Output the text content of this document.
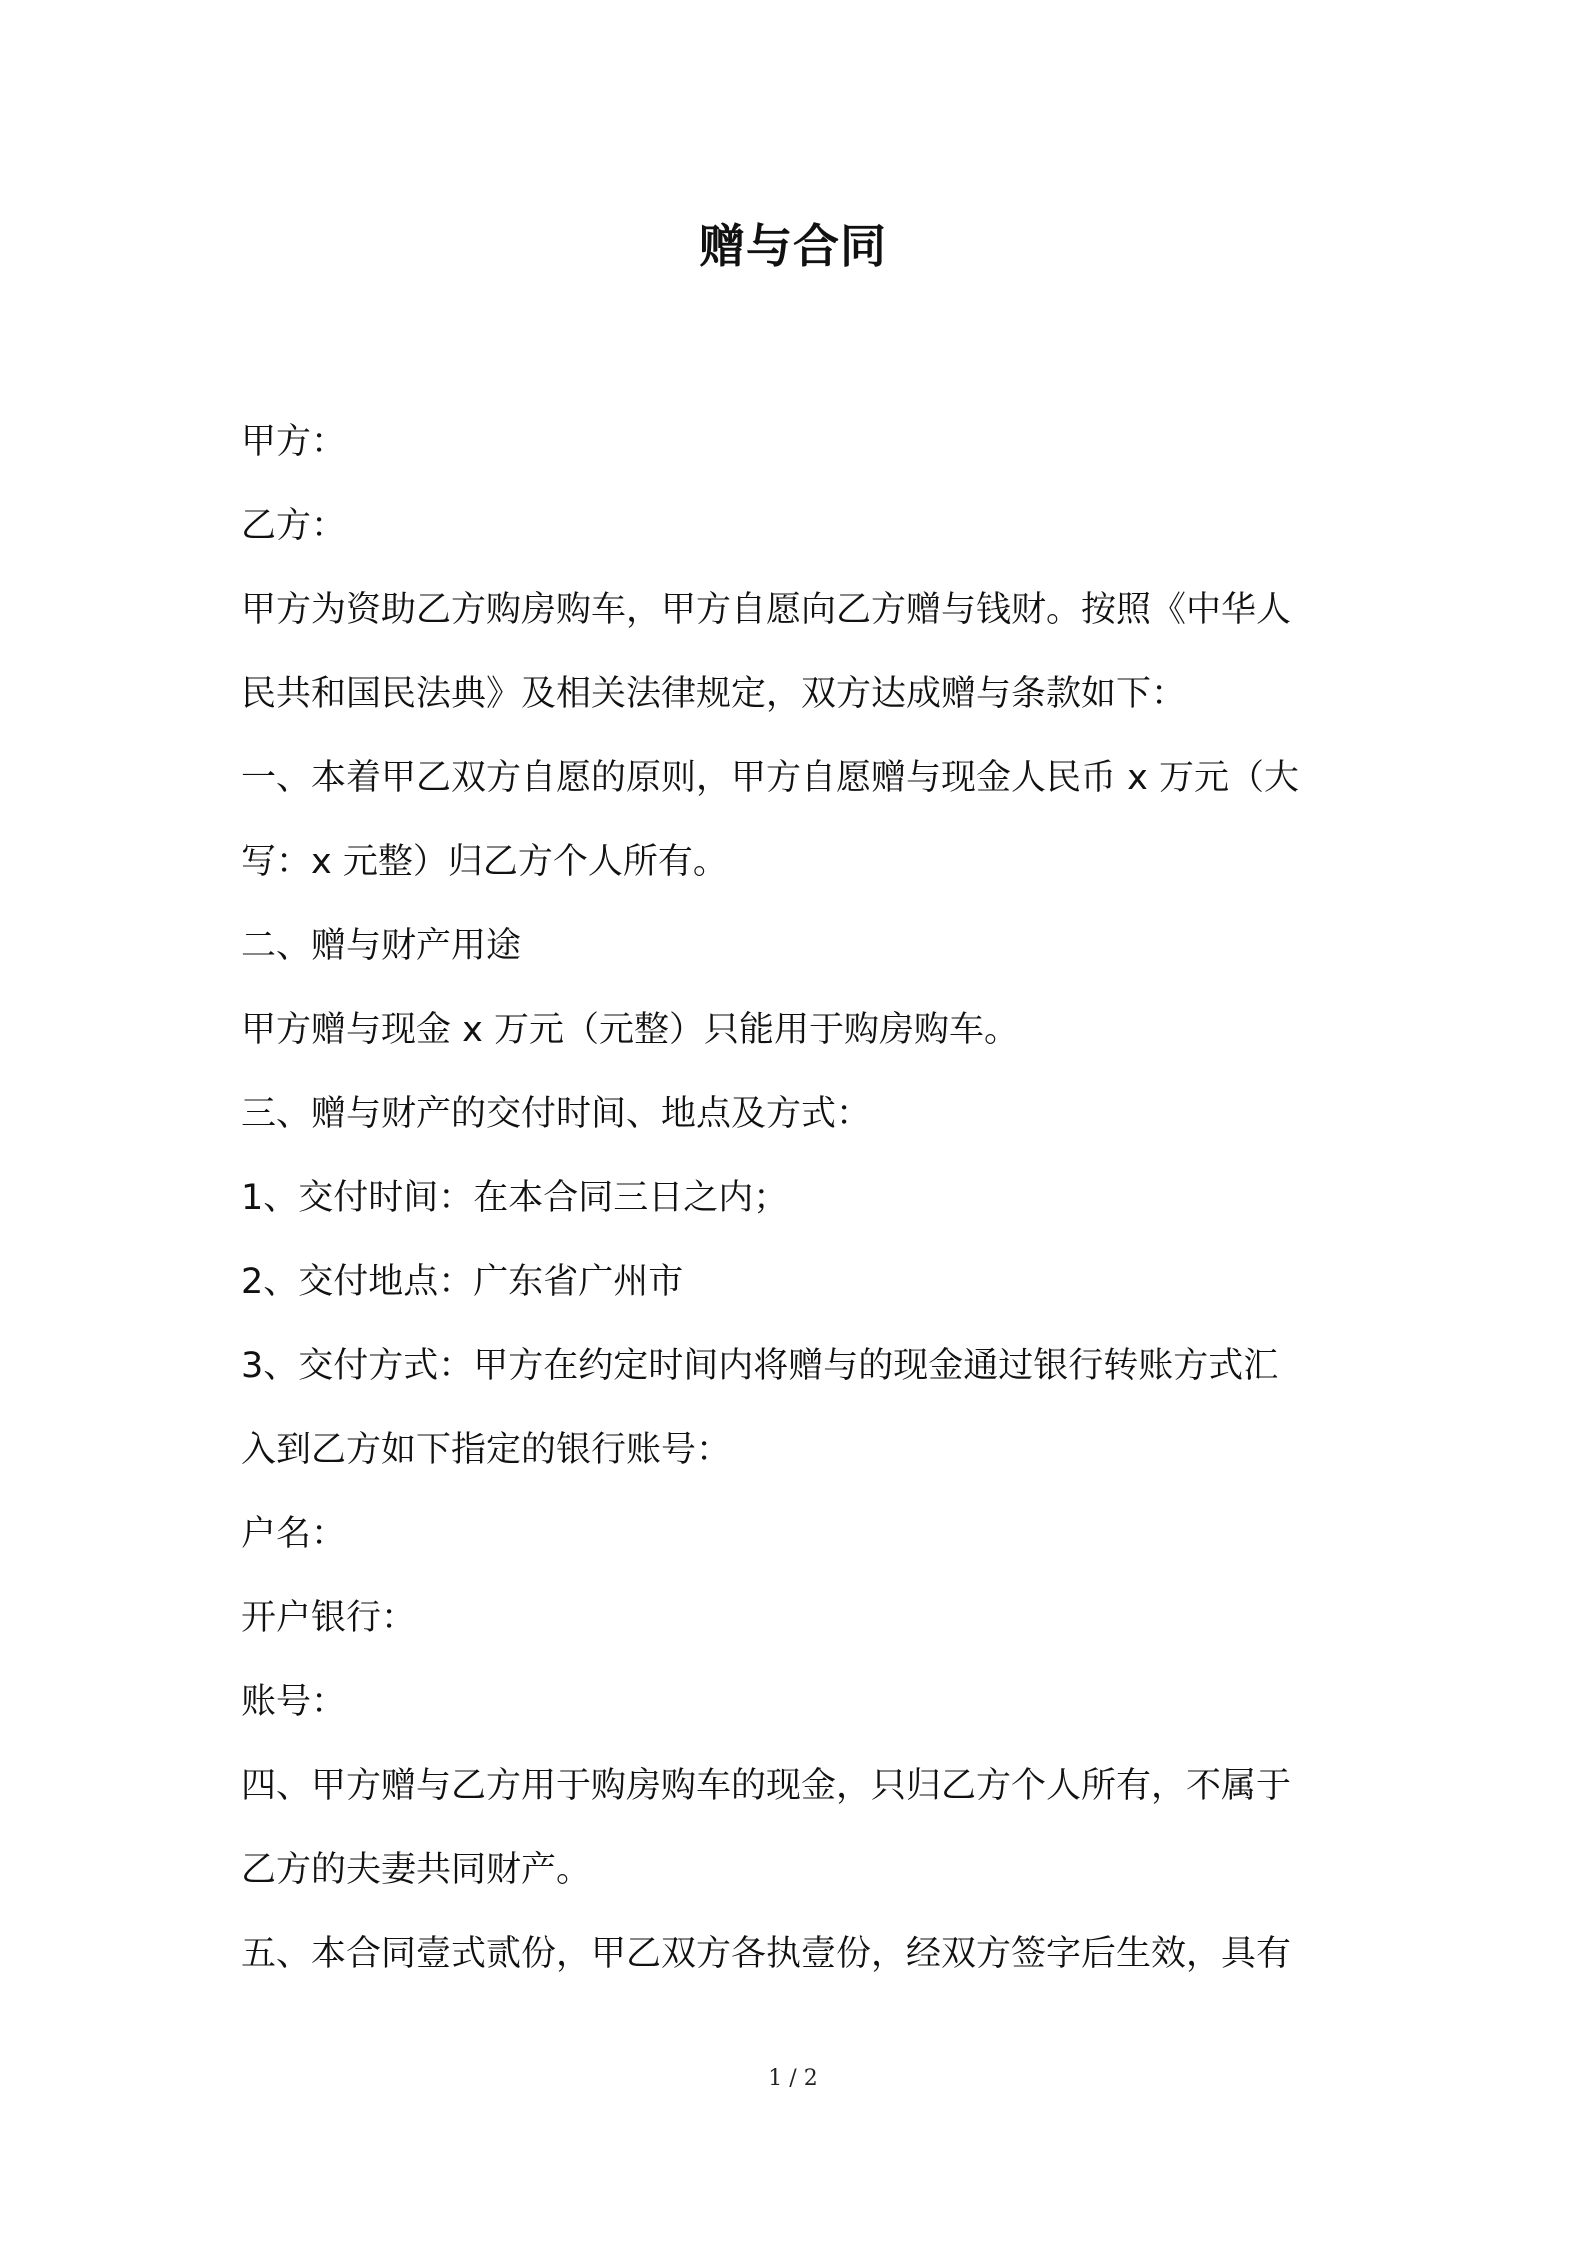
赠与合同

甲方：

乙方：

甲方为资助乙方购房购车，甲方自愿向乙方赠与钱财。按照《中华人

民共和国民法典》及相关法律规定，双方达成赠与条款如下：

一、本着甲乙双方自愿的原则，甲方自愿赠与现金人民币 x 万元（大

写：x 元整）归乙方个人所有。

二、赠与财产用途

甲方赠与现金 x 万元（元整）只能用于购房购车。

三、赠与财产的交付时间、地点及方式：

1、交付时间：在本合同三日之内；

2、交付地点：广东省广州市

3、交付方式：甲方在约定时间内将赠与的现金通过银行转账方式汇

入到乙方如下指定的银行账号：

户名：

开户银行：

账号：

四、甲方赠与乙方用于购房购车的现金，只归乙方个人所有，不属于

乙方的夫妻共同财产。

五、本合同壹式贰份，甲乙双方各执壹份，经双方签字后生效，具有

1 / 2
